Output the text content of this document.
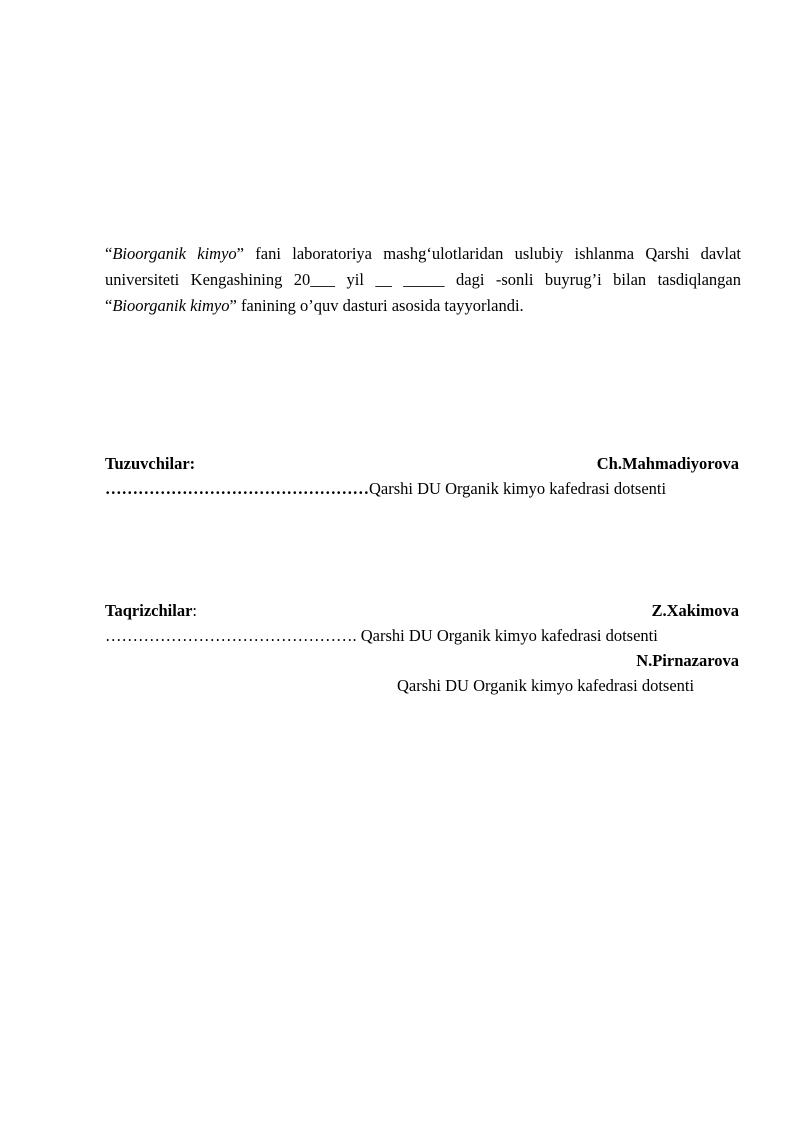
“Bioorganik kimyo” fani laboratoriya mashg‘ulotlaridan uslubiy ishlanma Qarshi davlat universiteti Kengashining 20___ yil __ _____ dagi -sonli buyrug’i bilan tasdiqlangan “Bioorganik kimyo” fanining o’quv dasturi asosida tayyorlandi.

Tuzuvchilar:	Ch.Mahmadiyorova
…………………………………………Qarshi DU Organik kimyo kafedrasi dotsenti
Taqrizchilar:	Z.Xakimova
………………………………………. Qarshi DU Organik kimyo kafedrasi dotsenti
N.Pirnazarova
Qarshi DU Organik kimyo kafedrasi dotsenti
